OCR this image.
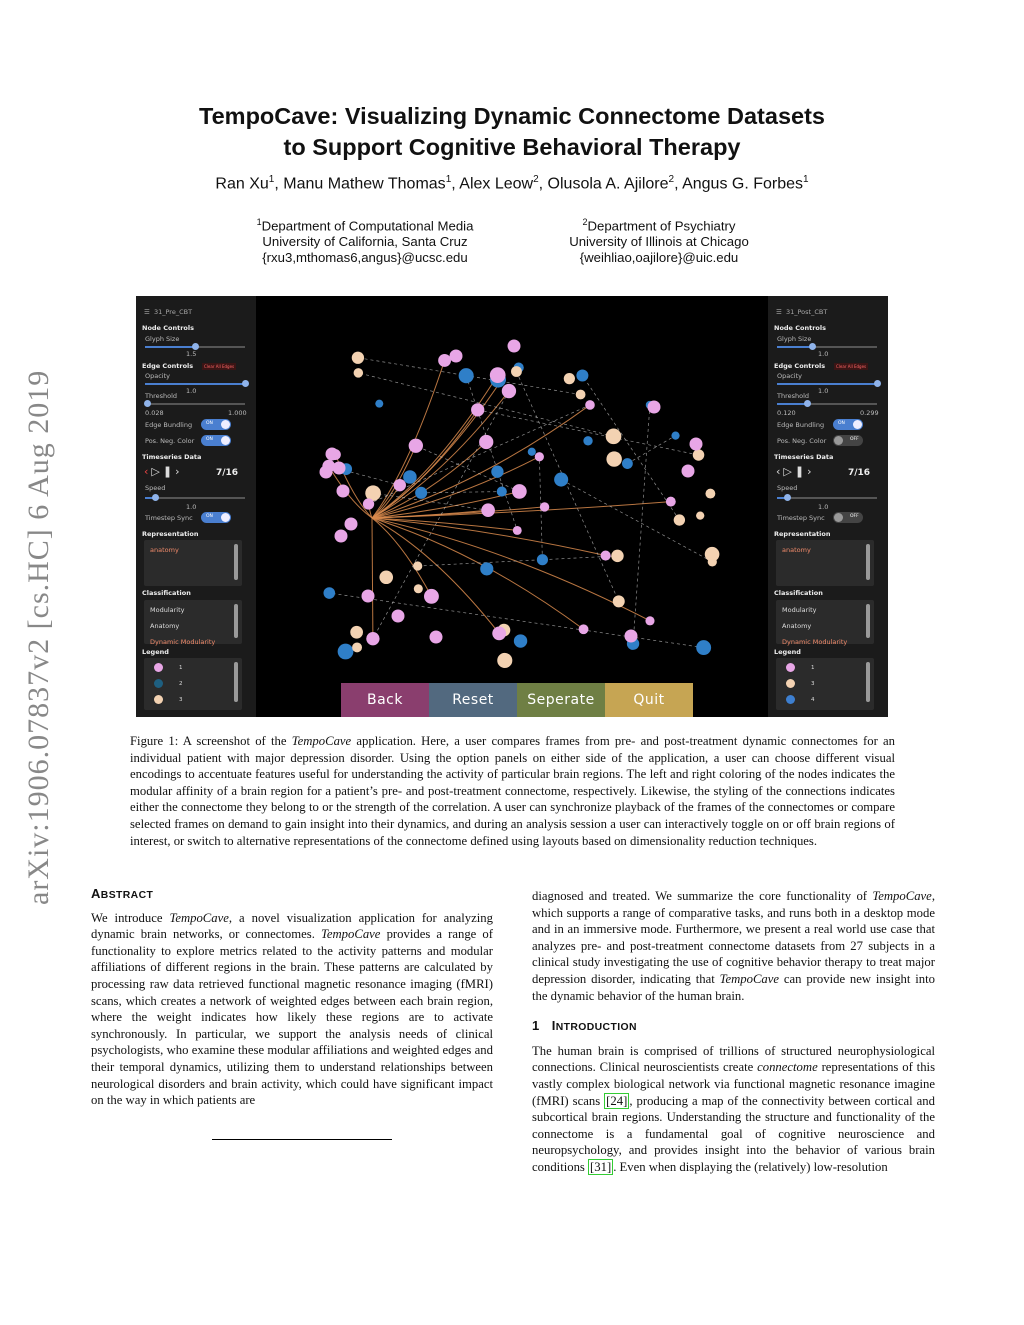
arXiv:1906.07837v2 [cs.HC] 6 Aug 2019
TempoCave: Visualizing Dynamic Connectome Datasets
to Support Cognitive Behavioral Therapy
Ran Xu$^1$, Manu Mathew Thomas$^1$, Alex Leow$^2$, Olusola A. Ajilore$^2$, Angus G. Forbes$^1$
$^1$Department of Computational Media
University of California, Santa Cruz
{rxu3,mthomas6,angus}@ucsc.edu
$^2$Department of Psychiatry
University of Illinois at Chicago
{weihliao,oajilore}@uic.edu
☰  31_Pre_CBT
Node Controls
Glyph Size
1.5
Edge Controls	Clear All Edges
Opacity
1.0
Threshold
0.028	1.000
Edge Bundling	ON
Pos. Neg. Color	ON
Timeseries Data
‹▷❚›	7/16
Speed
1.0
Timestep Sync	ON
Representation
anatomy
Classification
Modularity
Anatomy
Dynamic Modularity
Legend
1
2
3
☰  31_Post_CBT
Node Controls
Glyph Size
1.0
Edge Controls	Clear All Edges
Opacity
1.0
Threshold
0.120	0.299
Edge Bundling	ON
Pos. Neg. Color	OFF
Timeseries Data
‹▷❚›	7/16
Speed
1.0
Timestep Sync	OFF
Representation
anatomy
Classification
Modularity
Anatomy
Dynamic Modularity
Legend
1
3
4
Back	Reset	Seperate	Quit
Figure 1: A screenshot of the TempoCave application. Here, a user compares frames from pre- and post-treatment dynamic connectomes for an individual patient with major depression disorder. Using the option panels on either side of the application, a user can choose different visual encodings to accentuate features useful for understanding the activity of particular brain regions. The left and right coloring of the nodes indicates the modular affinity of a brain region for a patient’s pre- and post-treatment connectome, respectively. Likewise, the styling of the connections indicates either the connectome they belong to or the strength of the correlation. A user can synchronize playback of the frames of the connectomes or compare selected frames on demand to gain insight into their dynamics, and during an analysis session a user can interactively toggle on or off brain regions of interest, or switch to alternative representations of the connectome defined using layouts based on dimensionality reduction techniques.
ABSTRACT
We introduce TempoCave, a novel visualization application for analyzing dynamic brain networks, or connectomes. TempoCave provides a range of functionality to explore metrics related to the activity patterns and modular affiliations of different regions in the brain. These patterns are calculated by processing raw data retrieved functional magnetic resonance imaging (fMRI) scans, which creates a network of weighted edges between each brain region, where the weight indicates how likely these regions are to activate synchronously. In particular, we support the analysis needs of clinical psychologists, who examine these modular affiliations and weighted edges and their temporal dynamics, utilizing them to understand relationships between neurological disorders and brain activity, which could have significant impact on the way in which patients are
diagnosed and treated. We summarize the core functionality of TempoCave, which supports a range of comparative tasks, and runs both in a desktop mode and in an immersive mode. Furthermore, we present a real world use case that analyzes pre- and post-treatment connectome datasets from 27 subjects in a clinical study investigating the use of cognitive behavior therapy to treat major depression disorder, indicating that TempoCave can provide new insight into the dynamic behavior of the human brain.
1 INTRODUCTION
The human brain is comprised of trillions of structured neurophysiological connections. Clinical neuroscientists create connectome representations of this vastly complex biological network via functional magnetic resonance imagine (fMRI) scans [24] , producing a map of the connectivity between cortical and subcortical brain regions. Understanding the structure and functionality of the connectome is a fundamental goal of cognitive neuroscience and neuropsychology, and provides insight into the behavior of various brain conditions [31] . Even when displaying the (relatively) low-resolution
